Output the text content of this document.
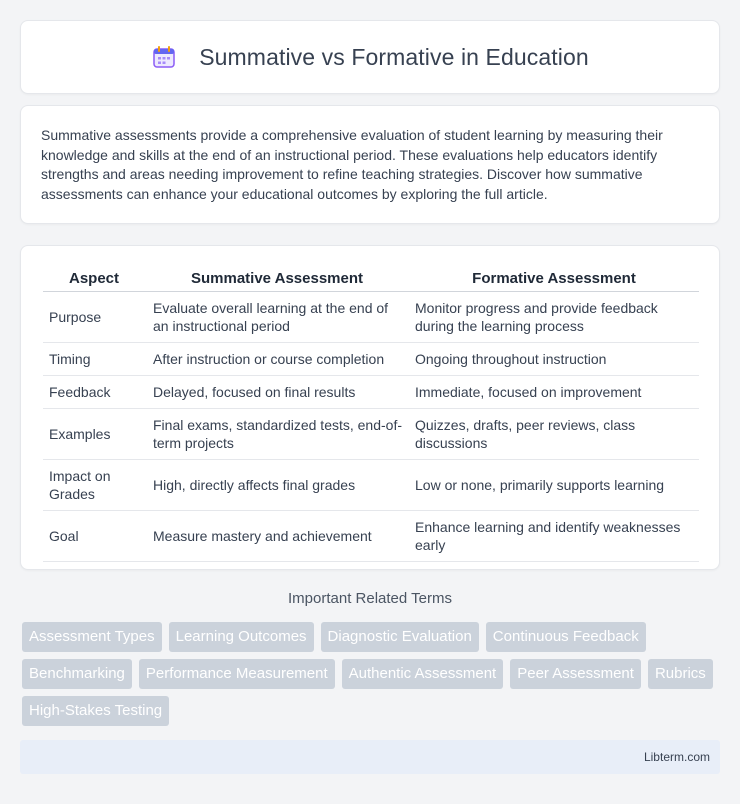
Summative vs Formative in Education

Summative assessments provide a comprehensive evaluation of student learning by measuring their knowledge and skills at the end of an instructional period. These evaluations help educators identify strengths and areas needing improvement to refine teaching strategies. Discover how summative assessments can enhance your educational outcomes by exploring the full article.

Aspect	Summative Assessment	Formative Assessment
Purpose	Evaluate overall learning at the end of an instructional period	Monitor progress and provide feedback during the learning process
Timing	After instruction or course completion	Ongoing throughout instruction
Feedback	Delayed, focused on final results	Immediate, focused on improvement
Examples	Final exams, standardized tests, end-of-term projects	Quizzes, drafts, peer reviews, class discussions
Impact on Grades	High, directly affects final grades	Low or none, primarily supports learning
Goal	Measure mastery and achievement	Enhance learning and identify weaknesses early
Important Related Terms
Assessment Types	Learning Outcomes	Diagnostic Evaluation	Continuous Feedback
Benchmarking	Performance Measurement	Authentic Assessment	Peer Assessment	Rubrics
High-Stakes Testing
Libterm.com
